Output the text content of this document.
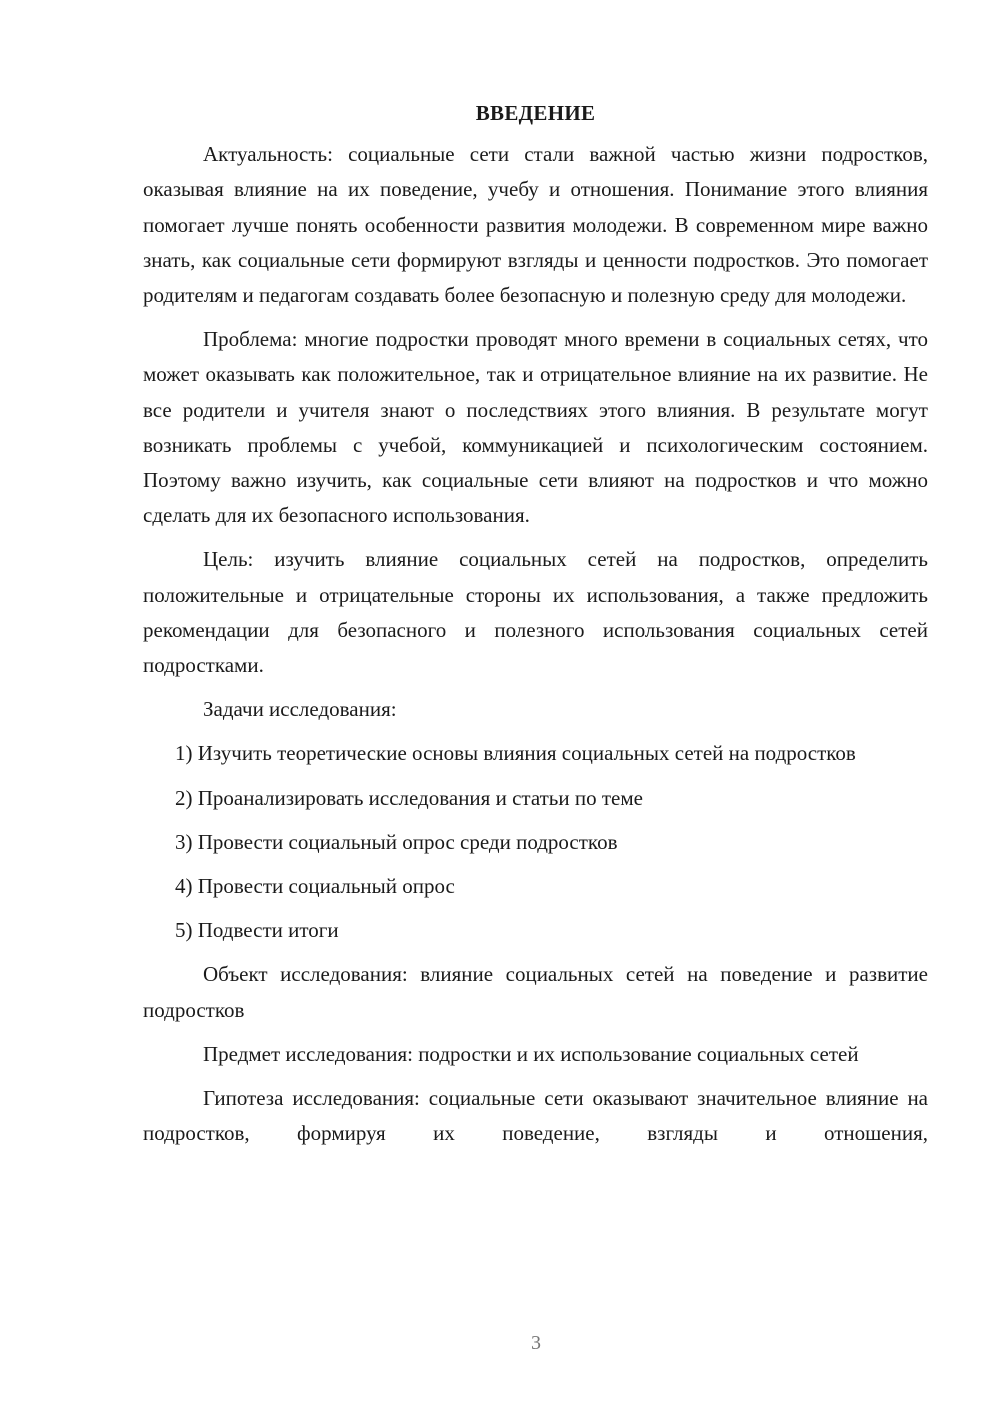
ВВЕДЕНИЕ

Актуальность: социальные сети стали важной частью жизни подростков, оказывая влияние на их поведение, учебу и отношения. Понимание этого влияния помогает лучше понять особенности развития молодежи. В современном мире важно знать, как социальные сети формируют взгляды и ценности подростков. Это помогает родителям и педагогам создавать более безопасную и полезную среду для молодежи.

Проблема: многие подростки проводят много времени в социальных сетях, что может оказывать как положительное, так и отрицательное влияние на их развитие. Не все родители и учителя знают о последствиях этого влияния. В результате могут возникать проблемы с учебой, коммуникацией и психологическим состоянием. Поэтому важно изучить, как социальные сети влияют на подростков и что можно сделать для их безопасного использования.

Цель: изучить влияние социальных сетей на подростков, определить положительные и отрицательные стороны их использования, а также предложить рекомендации для безопасного и полезного использования социальных сетей подростками.

Задачи исследования:

1) Изучить теоретические основы влияния социальных сетей на подростков

2) Проанализировать исследования и статьи по теме

3) Провести социальный опрос среди подростков

4) Провести социальный опрос

5) Подвести итоги

Объект исследования: влияние социальных сетей на поведение и развитие подростков

Предмет исследования: подростки и их использование социальных сетей

Гипотеза исследования: социальные сети оказывают значительное влияние на подростков, формируя их поведение, взгляды и отношения,

3
